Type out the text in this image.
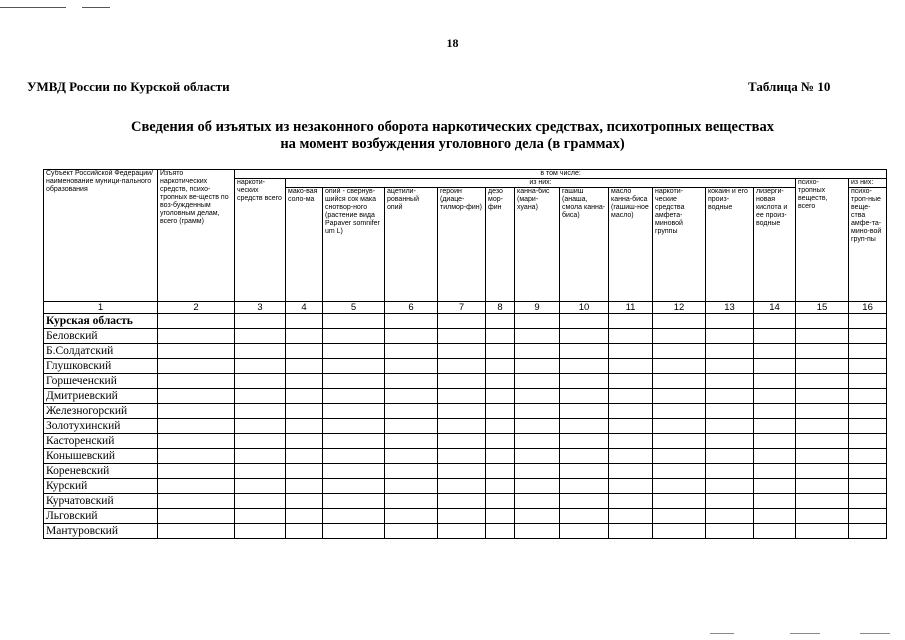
18
УМВД России по Курской области	Таблица № 10
Сведения об изъятых из незаконного оборота наркотических средствах, психотропных веществах
на момент возбуждения уголовного дела (в граммах)
Субъект Российской Федерации/ наименование муници-пального образования	Изъято наркотических средств, психо-тропных ве-ществ по воз-бужденным уголовным делам, всего (грамм)	в том числе:													
		наркоти-ческих средств всего	из них:											психо-тропных веществ, всего	из них:
			мако-вая соло-ма	опий - свернув-шийся сок мака снотвор-ного (растение вида Papaver somnifer um L)	ацетили-рованный опий	героин (диаце-тилмор-фин)	дезо мор-фин	канна-бис (мари-хуана)	гашиш (анаша, смола канна-биса)	масло канна-биса (гашиш-ное масло)	наркоти-ческие средства амфета-миновой группы	кокаин и его произ-водные	лизерги-новая кислота и ее произ-водные		психо-троп-ные веще-ства амфе-та-мино-вой груп-пы
1	2	3	4	5	6	7	8	9	10	11	12	13	14	15	16
Курская область															
Беловский															
Б.Солдатский															
Глушковский															
Горшеченский															
Дмитриевский															
Железногорский															
Золотухинский															
Касторенский															
Конышевский															
Кореневский															
Курский															
Курчатовский															
Льговский															
Мантуровский															
